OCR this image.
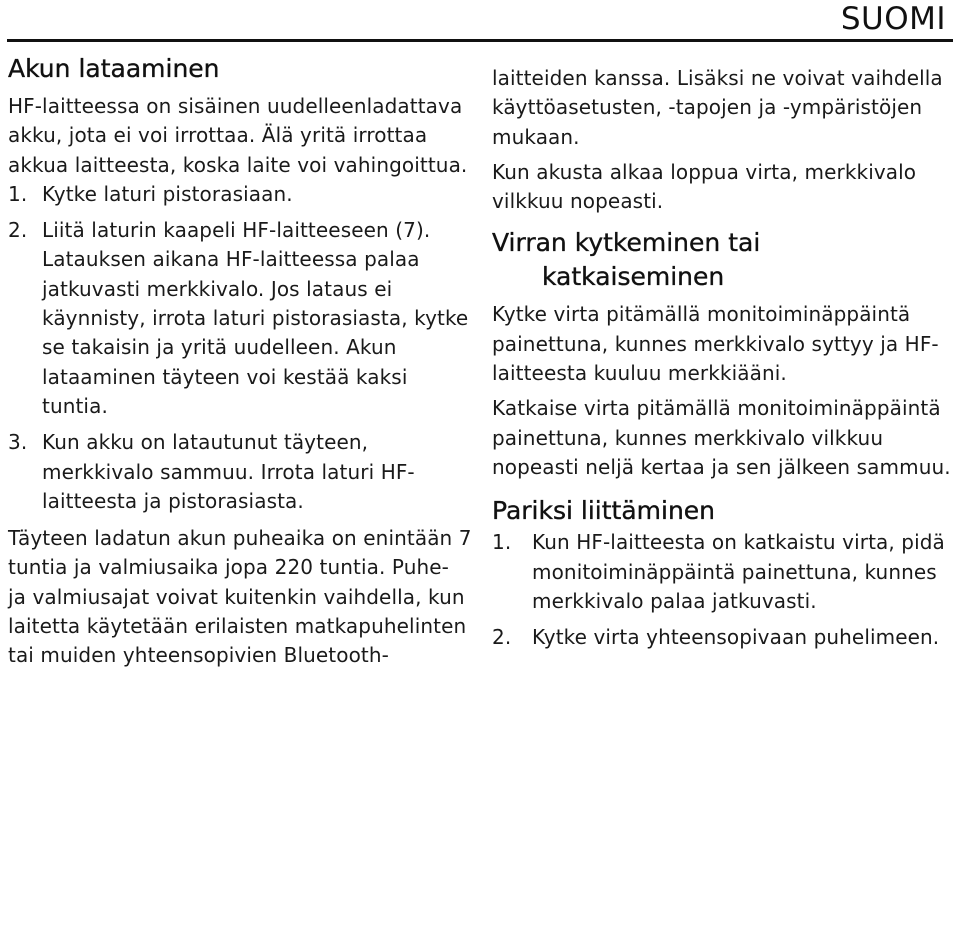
SUOMI
Akun lataaminen

HF-laitteessa on sisäinen uudelleenladattava akku, jota ei voi irrottaa. Älä yritä irrottaa akkua laitteesta, koska laite voi vahingoittua.

1. Kytke laturi pistorasiaan.
2. Liitä laturin kaapeli HF-laitteeseen (7). Latauksen aikana HF-laitteessa palaa jatkuvasti merkkivalo. Jos lataus ei käynnisty, irrota laturi pistorasiasta, kytke se takaisin ja yritä uudelleen. Akun lataaminen täyteen voi kestää kaksi tuntia.
3. Kun akku on latautunut täyteen, merkkivalo sammuu. Irrota laturi HF-laitteesta ja pistorasiasta.

Täyteen ladatun akun puheaika on enintään 7 tuntia ja valmiusaika jopa 220 tuntia. Puhe- ja valmiusajat voivat kuitenkin vaihdella, kun laitetta käytetään erilaisten matkapuhelinten tai muiden yhteensopivien Bluetooth-

laitteiden kanssa. Lisäksi ne voivat vaihdella käyttöasetusten, -tapojen ja -ympäristöjen mukaan.

Kun akusta alkaa loppua virta, merkkivalo vilkkuu nopeasti.

Virran kytkeminen tai
katkaiseminen

Kytke virta pitämällä monitoiminäppäintä painettuna, kunnes merkkivalo syttyy ja HF-laitteesta kuuluu merkkiääni.

Katkaise virta pitämällä monitoiminäppäintä painettuna, kunnes merkkivalo vilkkuu nopeasti neljä kertaa ja sen jälkeen sammuu.

Pariksi liittäminen
1.	Kun HF-laitteesta on katkaistu virta, pidä monitoiminäppäintä painettuna, kunnes merkkivalo palaa jatkuvasti.
2.	Kytke virta yhteensopivaan puhelimeen.
